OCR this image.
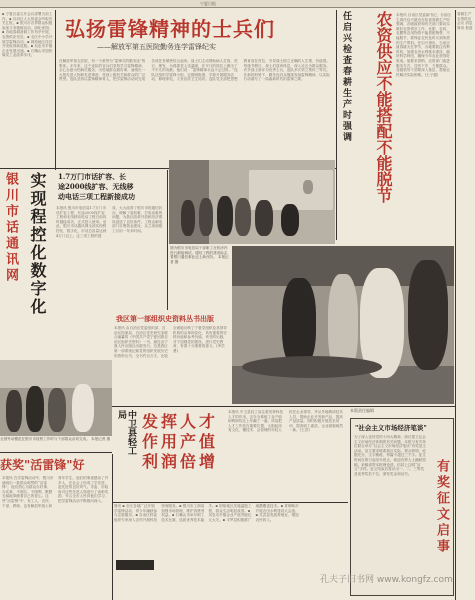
宁夏日报
▪ 宁夏区委召开会议部署当前工作。▪ 自治区人大常委会听取有关汇报。▪ 银川市各界群众积极参加义务植树活动，绿化家园。▪ 各地春耕备耕工作有序开展，农资供应充足。▪ 全区中小学开展学雷锋活动。▪ 固原地区扶贫开发取得新进展。▪ 吴忠市乡镇企业发展迅速。▪ 石嘴山市加快煤炭工业改革步伐。
弘扬雷锋精神的士兵们
——解放军第五医院勤务连学雷锋纪实
在解放军第五医院，有一个被誉为“雷锋式的勤务连”的集体。多年来，这个连队的官兵们坚持学习雷锋精神，全心全意为伤病员服务，为驻地群众做好事，涌现出一大批先进人物和先进事迹，受到上级机关和群众的广泛赞誉。连队坚持以雷锋精神育人，把学雷锋活动同完成各项任务紧密结合起来。战士们主动帮助病人打饭、洗衣、理发，为孤寡老人送温暖，在平凡的岗位上做出了不平凡的贡献。他们说：“雷锋精神永远不会过时。”连队还组织学雷锋小组，定期到街道、学校开展服务活动，修理家电，义务宣传卫生知识。连队党支部把思想教育放在首位，引导战士树立正确的人生观、价值观。每逢节假日，战士们放弃休息，深入社区为群众服务。许多战士被评为优秀士兵，连队多次荣立集体三等功。在新的形势下，勤务连官兵继续发扬雷锋精神，以实际行动谱写了一曲曲新时代的雷锋之歌。	任启兴检查春耕生产时强调	农资供应不能搭配不能脱节 本报讯 自治区党委副书记、自治区主席任启兴最近在检查春耕生产时强调，各级政府和有关部门要切实做好农资供应工作，化肥、农药、农膜等农用物资不能搭配销售，不能脱节，要保证农民及时买到所需的生产资料。任启兴指出，当前正值春耕大忙季节，各地要抓住有利时机，加强农田水利基本建设，搞好科学种田，确保今年农业获得好收成。他要求供销、农资部门改进服务方式，送货下乡，方便群众。各级领导干部要深入基层，帮助农民解决实际困难。(王子健)
春耕生产 农资供应 会议 消息 简讯 报道
银川市话通讯网 实现程控化数字化 1.7万门市话扩容、长
途2000线扩容、无线移
动电话三项工程新接成功
本报讯 银川市电信局1.7万门市话扩容工程、长途2000线扩容工程和无线移动电话工程日前同时割接成功，正式投入使用。至此，银川市话通讯网全部实现程控化、数字化，市话总容量达到4万门以上。这三项工程的建成，大大改善了银川市的通信状况，缓解了装机难、打电话难的问题，为我区改革开放和经济建设创造了良好条件。工程由邮电部门自筹资金建设，从立项到竣工仅用一年多时间。
图为银川市电信局干部职工在机房内进行割接调试。通信工程的建成标志着银川通信事业迈上新台阶。 本报记者 摄
全国劳动模范在银川市视察工作时与干部群众亲切交谈。 本报记者 摄
我区第一部组织史资料丛书出版
本报讯 由自治区党委组织部、自治区档案局、自治区党史研究室联合编纂的《中国共产党宁夏回族自治区组织史资料》一书，最近由宁夏人民出版社出版发行。这是我区第一部系统记载党的组织发展历史的资料丛书，全书约百万字，比较全面地反映了宁夏党组织及其领导机构的沿革和变化，具有重要的史料价值和参考价值。该书的出版，对于加强党的建设，进行党史教育，有着十分重要的意义。(李学勇)
中卫县轻工局	发挥人才作用产值利润倍增
本报讯 中卫县轻工局注重发挥科技人才的作用，去年全系统工业产值和利润均比上年翻了一番。该局把人才工作放在重要位置，大胆起用有文化、懂技术、会管理的年轻人担任企业领导，并从外地聘请技术人员，帮助企业开发新产品，提高产品质量。同时积极开展技术培训，提高职工素质，企业面貌焕然一新。(王洪)
本版责任编辑
"社会主义市场经济笔谈"
为了深入宣传党的十四大精神，探讨建立社会主义市场经济体制的有关问题，本报与有关单位联合举办“社会主义市场经济笔谈”有奖征文活动。征文要求联系我区实际，观点鲜明，论据充分，文字精练，每篇不超过三千字。征文时间自即日起至年底止。欢迎各界人士踊跃投稿。来稿请寄本报理论部，信封上注明“征文”字样。征文结束后将评出一、二、三等奖及优秀奖若干名，颁发奖金和证书。	有奖征文启事
获奖"活雷锋"好
本报讯 在学雷锋活动中，银川市涌现出一批群众称赞的“活雷锋”。他们热心为群众办好事、办实事，不图名、不图利，默默无闻地奉献着自己的爱心。这些“活雷锋”中，有工人、农民、干部、教师，也有解放军战士和青年学生。他们的事迹感动了许多人，在社会上形成了学先进、赶先进的良好风气。市委、市政府对这些先进人物进行了表彰奖励，号召全市人民向他们学习，把学雷锋活动不断推向深入。
简讯 ▪ 全区各地广泛开展学雷锋活动，青少年踊跃参与志愿服务。▪ 自治区科委组织专家深入农村开展科技咨询服务。▪ 银川市工商局加强市场管理，维护消费者权益。▪ 石嘴山市举办职工技术比赛，选拔优秀技术能手。▪ 固原地区实施温饱工程，群众生活明显改善。▪ 吴忠市乡镇企业产值突破亿元大关。▪ 平罗县积极推广地膜覆盖技术。▪ 青铜峡市开展农田水利建设大会战。▪ 灵武县发展养殖业，增加农民收入。
孔夫子旧书网 www.kongfz.com
